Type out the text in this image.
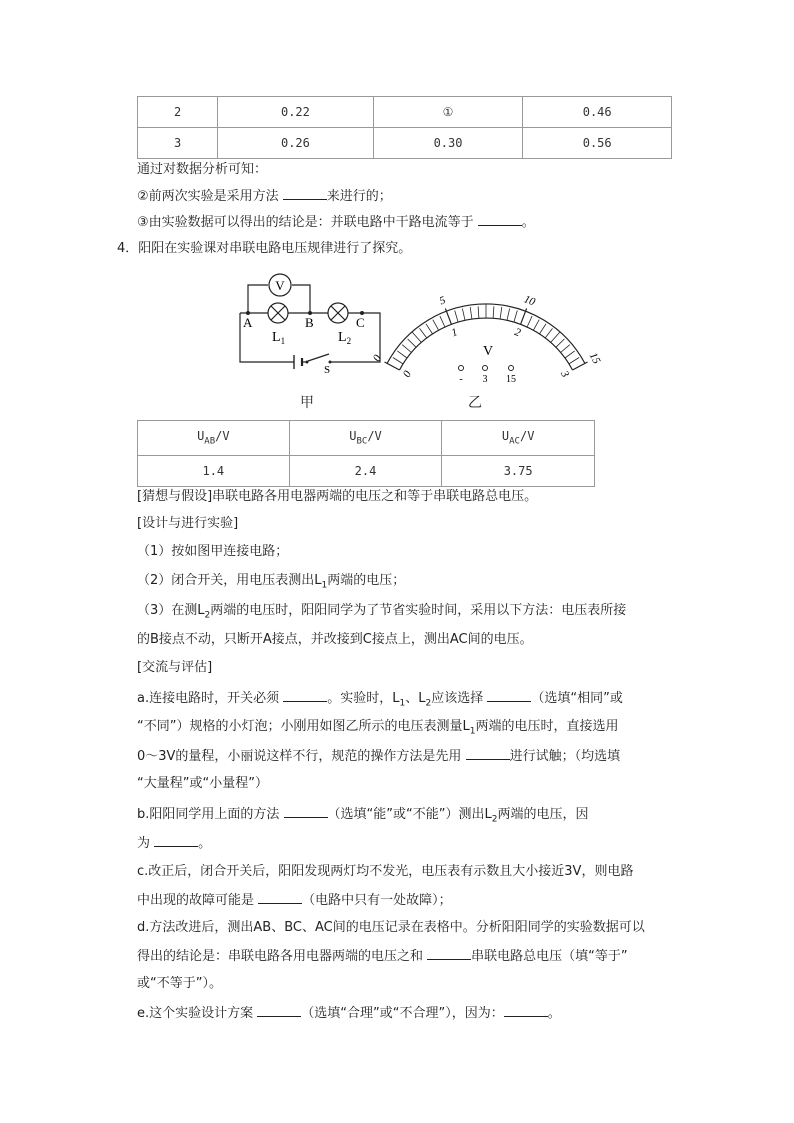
2	0.22	①	0.46
3	0.26	0.30	0.56
通过对数据分析可知：
②前两次实验是采用方法	来进行的；
③由实验数据可以得出的结论是：并联电路中干路电流等于	。
4．阳阳在实验课对串联电路电压规律进行了探究。
V
A	B	C
$L_1$	$L_2$
S
甲
0
5	10
15
0
1	2
3
V
- 3 15
乙
$U_{AB}/V$	$U_{BC}/V$	$U_{AC}/V$
1.4	2.4	3.75
[猜想与假设]串联电路各用电器两端的电压之和等于串联电路总电压。
[设计与进行实验]
（1）按如图甲连接电路；
（2）闭合开关，用电压表测出$L_1$两端的电压；
（3）在测$L_2$两端的电压时，阳阳同学为了节省实验时间，采用以下方法：电压表所接
的B接点不动，只断开A接点，并改接到C接点上，测出AC间的电压。
[交流与评估]
a.连接电路时，开关必须	。实验时，$L_1$、$L_2$应该选择	（选填“相同”或
“不同”）规格的小灯泡；小刚用如图乙所示的电压表测量$L_1$两端的电压时，直接选用
0～3V的量程，小丽说这样不行，规范的操作方法是先用	进行试触；（均选填
“大量程”或“小量程”）
b.阳阳同学用上面的方法	（选填“能”或“不能”）测出$L_2$两端的电压，因
为	。
c.改正后，闭合开关后，阳阳发现两灯均不发光，电压表有示数且大小接近3V，则电路
中出现的故障可能是	（电路中只有一处故障）；
d.方法改进后，测出AB、BC、AC间的电压记录在表格中。分析阳阳同学的实验数据可以
得出的结论是：串联电路各用电器两端的电压之和	串联电路总电压（填“等于”
或“不等于”）。
e.这个实验设计方案	（选填“合理”或“不合理”），因为：	。
